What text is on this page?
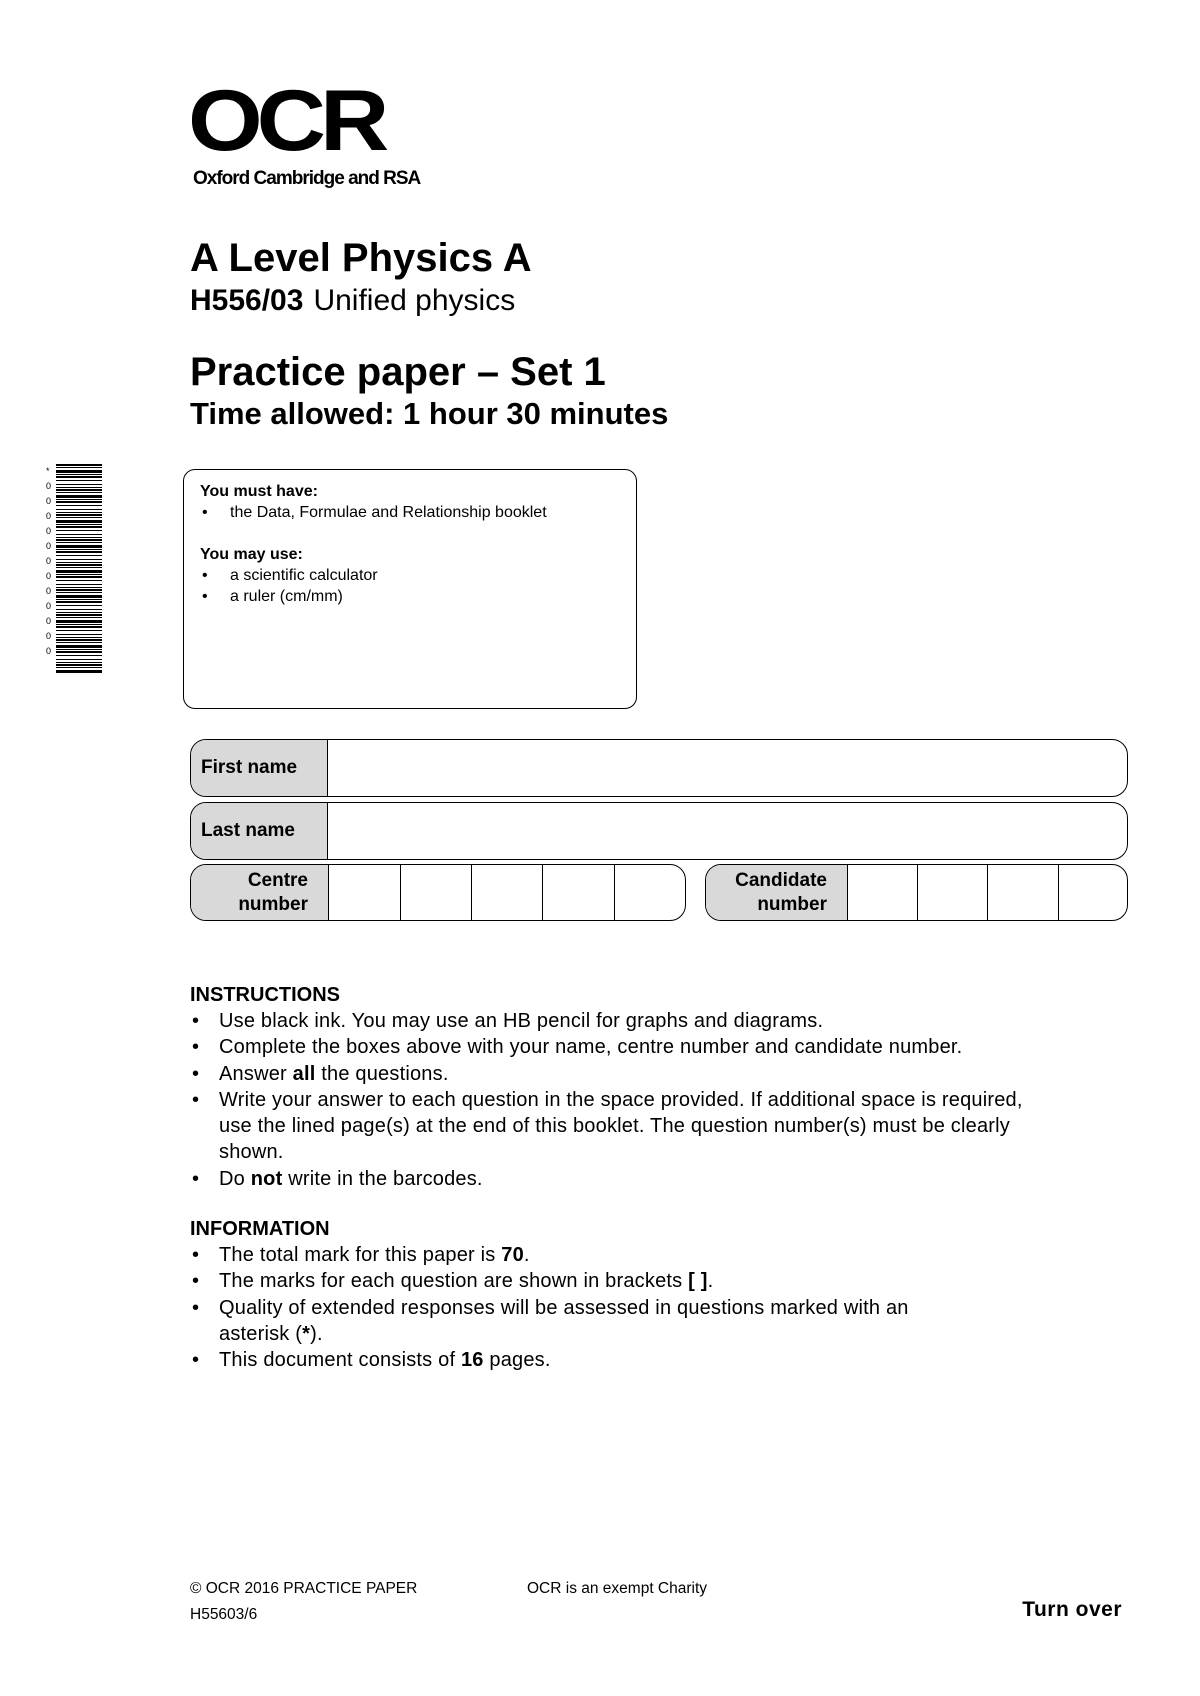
OCR
Oxford Cambridge and RSA
A Level Physics A
H556/03 Unified physics
Practice paper – Set 1
Time allowed: 1 hour 30 minutes
*
0
0
0
0
0
0
0
0
0
0
0
0

You must have:

• the Data, Formulae and Relationship booklet

You may use:

• a scientific calculator
• a ruler (cm/mm)
First name
Last name
Centre
number
Candidate
number
INSTRUCTIONS
• Use black ink. You may use an HB pencil for graphs and diagrams.
• Complete the boxes above with your name, centre number and candidate number.
• Answer all the questions.
• Write your answer to each question in the space provided. If additional space is required, use the lined page(s) at the end of this booklet. The question number(s) must be clearly shown.
• Do not write in the barcodes.
INFORMATION
• The total mark for this paper is 70.
• The marks for each question are shown in brackets [ ].
• Quality of extended responses will be assessed in questions marked with an asterisk (*).
• This document consists of 16 pages.
© OCR 2016 PRACTICE PAPER	OCR is an exempt Charity
H55603/6	Turn over
